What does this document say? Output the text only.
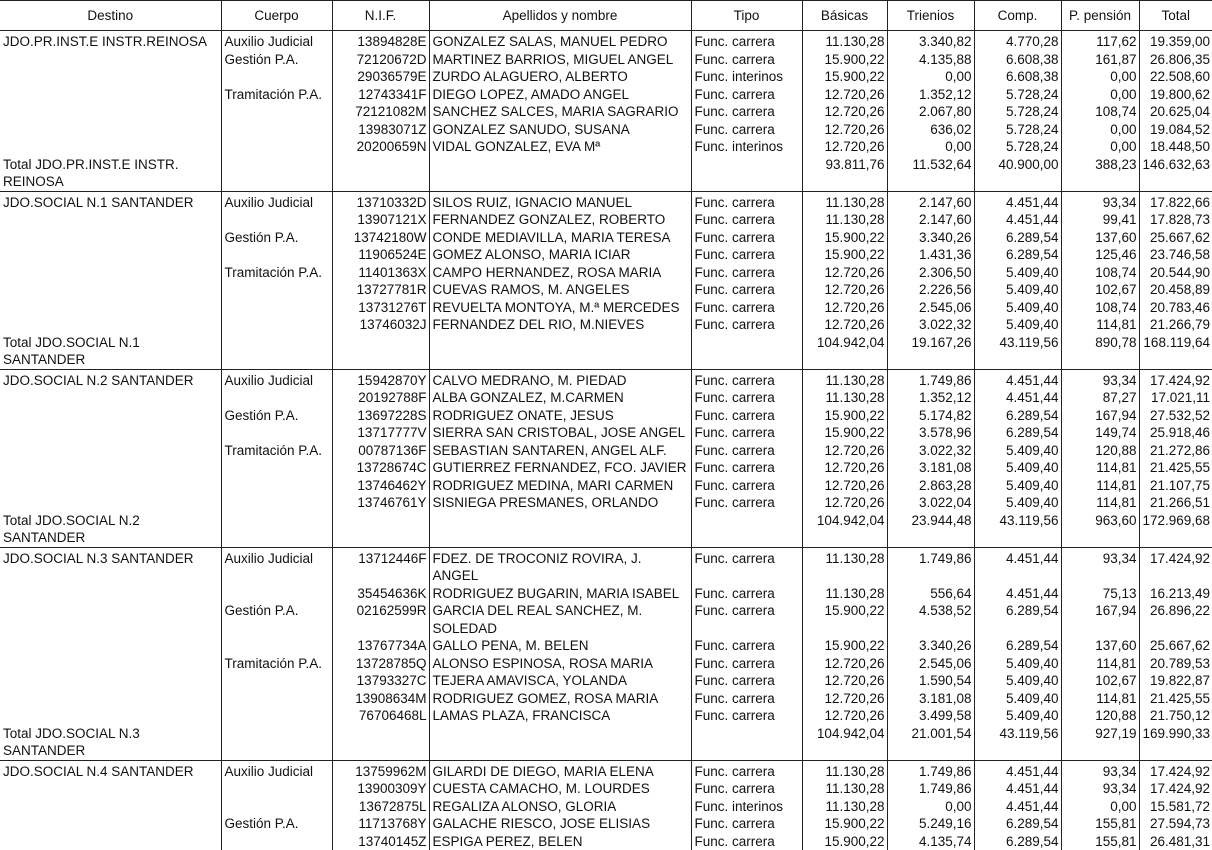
Destino	Cuerpo	N.I.F.	Apellidos y nombre	Tipo	Básicas	Trienios	Comp.	P. pensión	Total
JDO.PR.INST.E INSTR.REINOSA	Auxilio Judicial	13894828E	GONZALEZ SALAS, MANUEL PEDRO	Func. carrera	11.130,28	3.340,82	4.770,28	117,62	19.359,00
	Gestión P.A.	72120672D	MARTINEZ BARRIOS, MIGUEL ANGEL	Func. carrera	15.900,22	4.135,88	6.608,38	161,87	26.806,35
		29036579E	ZURDO ALAGUERO, ALBERTO	Func. interinos	15.900,22	0,00	6.608,38	0,00	22.508,60
	Tramitación P.A.	12743341F	DIEGO LOPEZ, AMADO ANGEL	Func. carrera	12.720,26	1.352,12	5.728,24	0,00	19.800,62
		72121082M	SANCHEZ SALCES, MARIA SAGRARIO	Func. carrera	12.720,26	2.067,80	5.728,24	108,74	20.625,04
		13983071Z	GONZALEZ SANUDO, SUSANA	Func. carrera	12.720,26	636,02	5.728,24	0,00	19.084,52
		20200659N	VIDAL GONZALEZ, EVA Mª	Func. interinos	12.720,26	0,00	5.728,24	0,00	18.448,50
Total JDO.PR.INST.E INSTR. REINOSA					93.811,76	11.532,64	40.900,00	388,23	146.632,63
JDO.SOCIAL N.1 SANTANDER	Auxilio Judicial	13710332D	SILOS RUIZ, IGNACIO MANUEL	Func. carrera	11.130,28	2.147,60	4.451,44	93,34	17.822,66
		13907121X	FERNANDEZ GONZALEZ, ROBERTO	Func. carrera	11.130,28	2.147,60	4.451,44	99,41	17.828,73
	Gestión P.A.	13742180W	CONDE MEDIAVILLA, MARIA TERESA	Func. carrera	15.900,22	3.340,26	6.289,54	137,60	25.667,62
		11906524E	GOMEZ ALONSO, MARIA ICIAR	Func. carrera	15.900,22	1.431,36	6.289,54	125,46	23.746,58
	Tramitación P.A.	11401363X	CAMPO HERNANDEZ, ROSA MARIA	Func. carrera	12.720,26	2.306,50	5.409,40	108,74	20.544,90
		13727781R	CUEVAS RAMOS, M. ANGELES	Func. carrera	12.720,26	2.226,56	5.409,40	102,67	20.458,89
		13731276T	REVUELTA MONTOYA, M.ª MERCEDES	Func. carrera	12.720,26	2.545,06	5.409,40	108,74	20.783,46
		13746032J	FERNANDEZ DEL RIO, M.NIEVES	Func. carrera	12.720,26	3.022,32	5.409,40	114,81	21.266,79
Total JDO.SOCIAL N.1 SANTANDER					104.942,04	19.167,26	43.119,56	890,78	168.119,64
JDO.SOCIAL N.2 SANTANDER	Auxilio Judicial	15942870Y	CALVO MEDRANO, M. PIEDAD	Func. carrera	11.130,28	1.749,86	4.451,44	93,34	17.424,92
		20192788F	ALBA GONZALEZ, M.CARMEN	Func. carrera	11.130,28	1.352,12	4.451,44	87,27	17.021,11
	Gestión P.A.	13697228S	RODRIGUEZ ONATE, JESUS	Func. carrera	15.900,22	5.174,82	6.289,54	167,94	27.532,52
		13717777V	SIERRA SAN CRISTOBAL, JOSE ANGEL	Func. carrera	15.900,22	3.578,96	6.289,54	149,74	25.918,46
	Tramitación P.A.	00787136F	SEBASTIAN SANTAREN, ANGEL ALF.	Func. carrera	12.720,26	3.022,32	5.409,40	120,88	21.272,86
		13728674C	GUTIERREZ FERNANDEZ, FCO. JAVIER	Func. carrera	12.720,26	3.181,08	5.409,40	114,81	21.425,55
		13746462Y	RODRIGUEZ MEDINA, MARI CARMEN	Func. carrera	12.720,26	2.863,28	5.409,40	114,81	21.107,75
		13746761Y	SISNIEGA PRESMANES, ORLANDO	Func. carrera	12.720,26	3.022,04	5.409,40	114,81	21.266,51
Total JDO.SOCIAL N.2 SANTANDER					104.942,04	23.944,48	43.119,56	963,60	172.969,68
JDO.SOCIAL N.3 SANTANDER	Auxilio Judicial	13712446F	FDEZ. DE TROCONIZ ROVIRA, J. ANGEL	Func. carrera	11.130,28	1.749,86	4.451,44	93,34	17.424,92
		35454636K	RODRIGUEZ BUGARIN, MARIA ISABEL	Func. carrera	11.130,28	556,64	4.451,44	75,13	16.213,49
	Gestión P.A.	02162599R	GARCIA DEL REAL SANCHEZ, M. SOLEDAD	Func. carrera	15.900,22	4.538,52	6.289,54	167,94	26.896,22
		13767734A	GALLO PENA, M. BELEN	Func. carrera	15.900,22	3.340,26	6.289,54	137,60	25.667,62
	Tramitación P.A.	13728785Q	ALONSO ESPINOSA, ROSA MARIA	Func. carrera	12.720,26	2.545,06	5.409,40	114,81	20.789,53
		13793327C	TEJERA AMAVISCA, YOLANDA	Func. carrera	12.720,26	1.590,54	5.409,40	102,67	19.822,87
		13908634M	RODRIGUEZ GOMEZ, ROSA MARIA	Func. carrera	12.720,26	3.181,08	5.409,40	114,81	21.425,55
		76706468L	LAMAS PLAZA, FRANCISCA	Func. carrera	12.720,26	3.499,58	5.409,40	120,88	21.750,12
Total JDO.SOCIAL N.3 SANTANDER					104.942,04	21.001,54	43.119,56	927,19	169.990,33
JDO.SOCIAL N.4 SANTANDER	Auxilio Judicial	13759962M	GILARDI DE DIEGO, MARIA ELENA	Func. carrera	11.130,28	1.749,86	4.451,44	93,34	17.424,92
		13900309Y	CUESTA CAMACHO, M. LOURDES	Func. carrera	11.130,28	1.749,86	4.451,44	93,34	17.424,92
		13672875L	REGALIZA ALONSO, GLORIA	Func. interinos	11.130,28	0,00	4.451,44	0,00	15.581,72
	Gestión P.A.	11713768Y	GALACHE RIESCO, JOSE ELISIAS	Func. carrera	15.900,22	5.249,16	6.289,54	155,81	27.594,73
		13740145Z	ESPIGA PEREZ, BELEN	Func. carrera	15.900,22	4.135,74	6.289,54	155,81	26.481,31
